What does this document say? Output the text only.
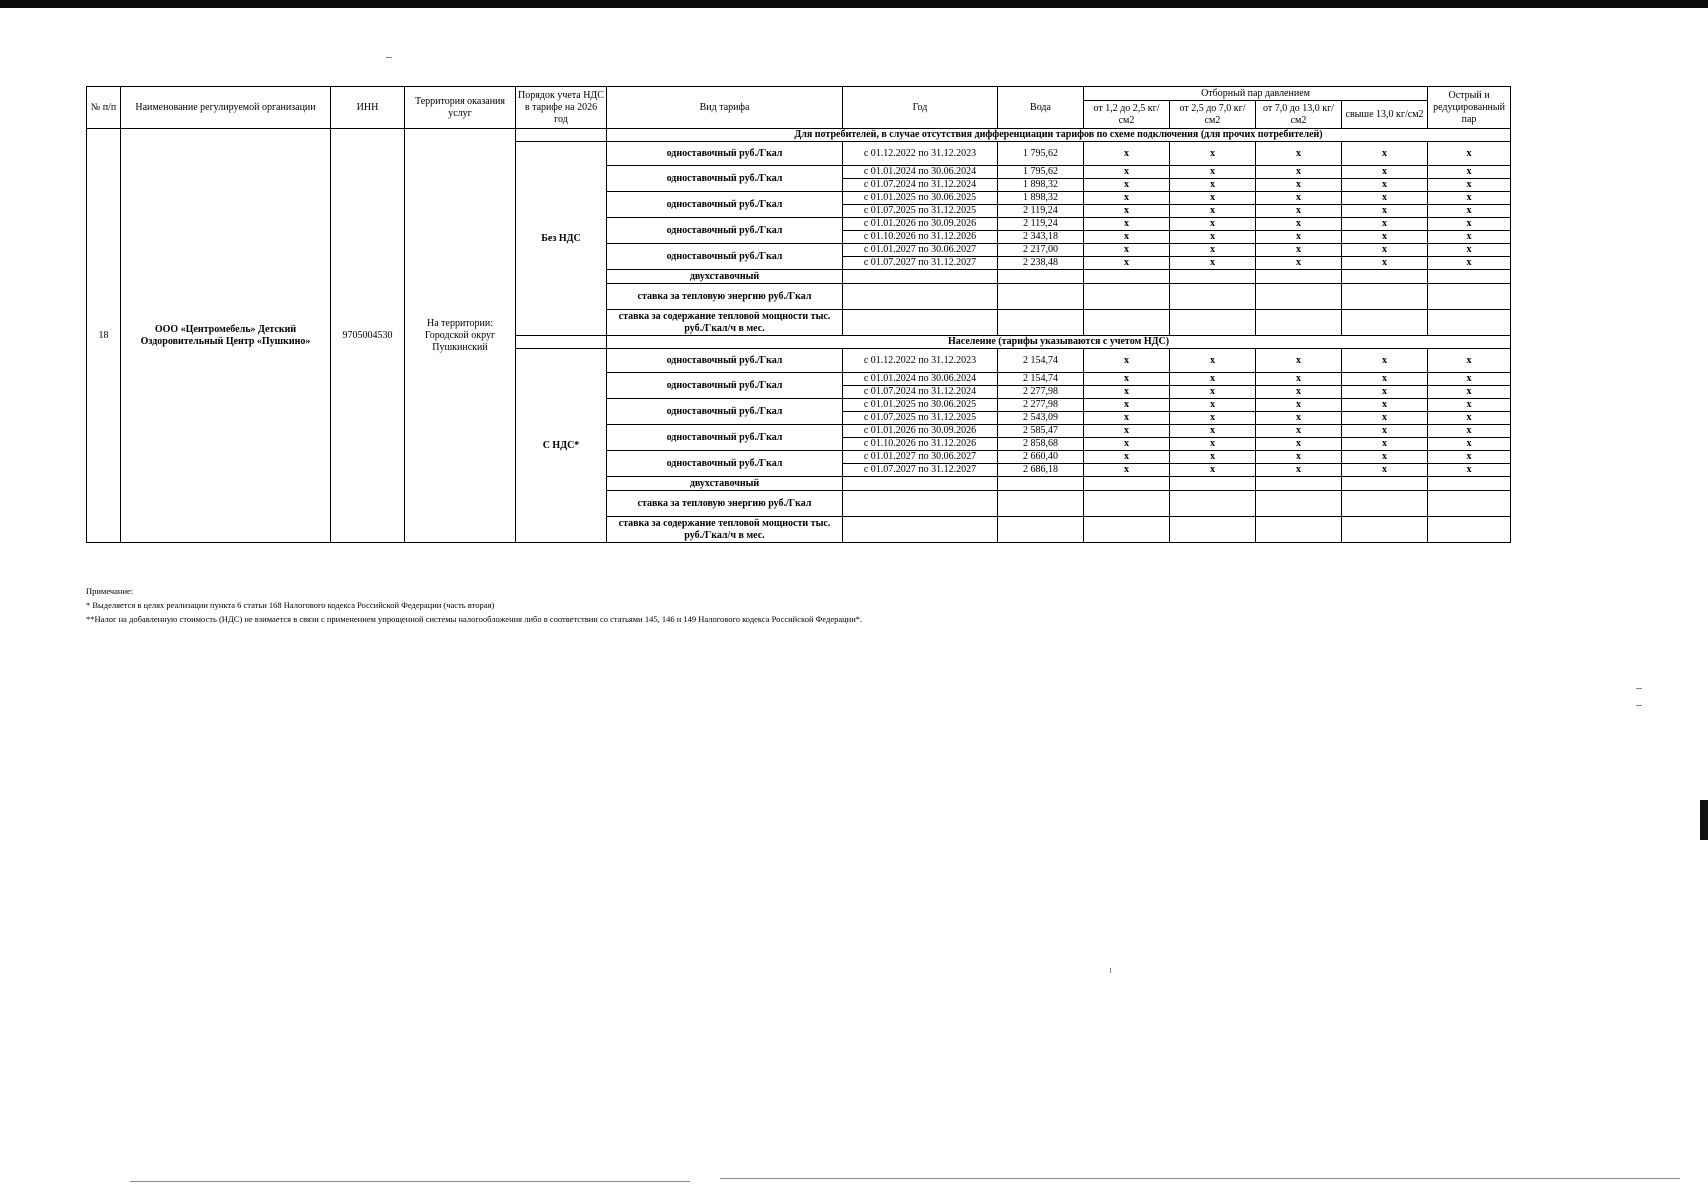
№ п/п	Наименование регулируемой организации	ИНН	Территория оказания услуг	Порядок учета НДС в тарифе на 2026 год	Вид тарифа	Год	Вода	Отборный пар давлением				Острый и редуцированный пар
								от 1,2 до 2,5 кг/см2	от 2,5 до 7,0 кг/см2	от 7,0 до 13,0 кг/см2	свыше 13,0 кг/см2	
18	ООО «Центромебель» Детский Оздоровительный Центр «Пушкино»	9705004530	На территории: Городской округ Пушкинский		Для потребителей, в случае отсутствия дифференциации тарифов по схеме подключения (для прочих потребителей)							
				Без НДС	одноставочный руб./Гкал	с 01.12.2022 по 31.12.2023	1 795,62	х	х	х	х	х
					одноставочный руб./Гкал	с 01.01.2024 по 30.06.2024	1 795,62	х	х	х	х	х
						с 01.07.2024 по 31.12.2024	1 898,32	х	х	х	х	х
					одноставочный руб./Гкал	с 01.01.2025 по 30.06.2025	1 898,32	х	х	х	х	х
						с 01.07.2025 по 31.12.2025	2 119,24	х	х	х	х	х
					одноставочный руб./Гкал	с 01.01.2026 по 30.09.2026	2 119,24	х	х	х	х	х
						с 01.10.2026 по 31.12.2026	2 343,18	х	х	х	х	х
					одноставочный руб./Гкал	с 01.01.2027 по 30.06.2027	2 217,00	х	х	х	х	х
						с 01.07.2027 по 31.12.2027	2 238,48	х	х	х	х	х
					двухставочный							
					ставка за тепловую энергию руб./Гкал							
					ставка за содержание тепловой мощности тыс. руб./Гкал/ч в мес.							
					Население (тарифы указываются с учетом НДС)							
				С НДС*	одноставочный руб./Гкал	с 01.12.2022 по 31.12.2023	2 154,74	х	х	х	х	х
					одноставочный руб./Гкал	с 01.01.2024 по 30.06.2024	2 154,74	х	х	х	х	х
						с 01.07.2024 по 31.12.2024	2 277,98	х	х	х	х	х
					одноставочный руб./Гкал	с 01.01.2025 по 30.06.2025	2 277,98	х	х	х	х	х
						с 01.07.2025 по 31.12.2025	2 543,09	х	х	х	х	х
					одноставочный руб./Гкал	с 01.01.2026 по 30.09.2026	2 585,47	х	х	х	х	х
						с 01.10.2026 по 31.12.2026	2 858,68	х	х	х	х	х
					одноставочный руб./Гкал	с 01.01.2027 по 30.06.2027	2 660,40	х	х	х	х	х
						с 01.07.2027 по 31.12.2027	2 686,18	х	х	х	х	х
					двухставочный							
					ставка за тепловую энергию руб./Гкал							
					ставка за содержание тепловой мощности тыс. руб./Гкал/ч в мес.							
Примечание:
* Выделяется в целях реализации пункта 6 статьи 168 Налогового кодекса Российской Федерации (часть вторая)
**Налог на добавленную стоимость (НДС) не взимается в связи с применением упрощенной системы налогообложения либо в соответствии со статьями 145, 146 и 149 Налогового кодекса Российской Федерации*.
